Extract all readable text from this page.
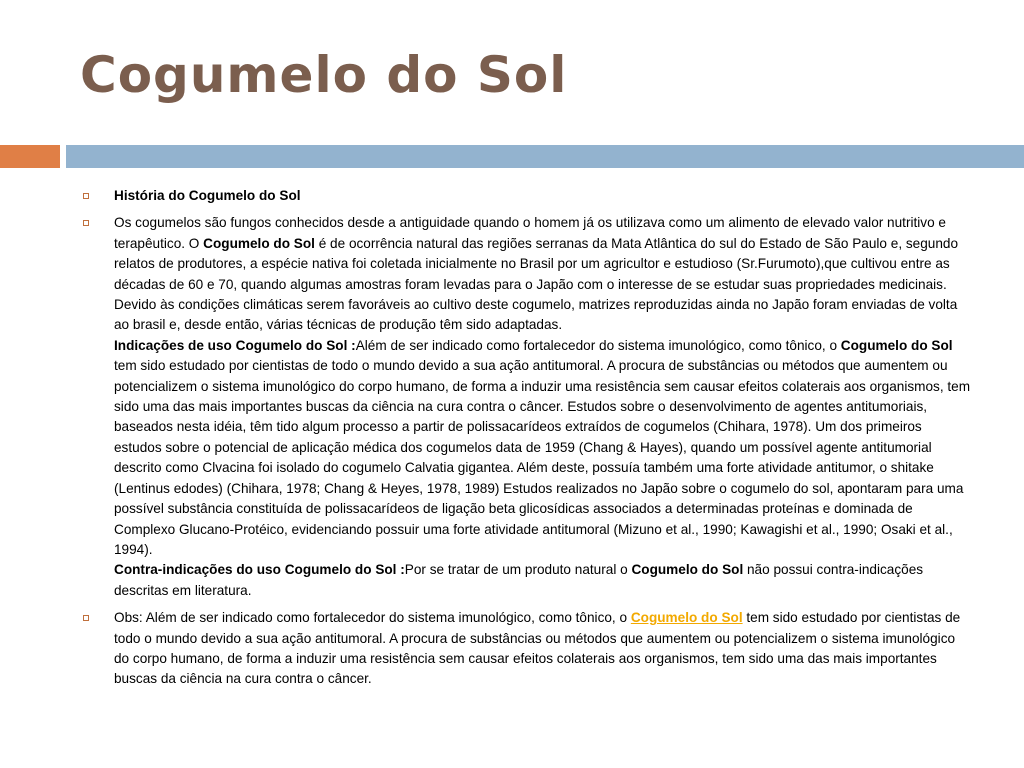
Cogumelo do Sol
História do Cogumelo do Sol
Os cogumelos são fungos conhecidos desde a antiguidade quando o homem já os utilizava como um alimento de elevado valor nutritivo e terapêutico. O Cogumelo do Sol é de ocorrência natural das regiões serranas da Mata Atlântica do sul do Estado de São Paulo e, segundo relatos de produtores, a espécie nativa foi coletada inicialmente no Brasil por um agricultor e estudioso (Sr.Furumoto),que cultivou entre as décadas de 60 e 70, quando algumas amostras foram levadas para o Japão com o interesse de se estudar suas propriedades medicinais. Devido às condições climáticas serem favoráveis ao cultivo deste cogumelo, matrizes reproduzidas ainda no Japão foram enviadas de volta ao brasil e, desde então, várias técnicas de produção têm sido adaptadas.
Indicações de uso Cogumelo do Sol :Além de ser indicado como fortalecedor do sistema imunológico, como tônico, o Cogumelo do Sol tem sido estudado por cientistas de todo o mundo devido a sua ação antitumoral. A procura de substâncias ou métodos que aumentem ou potencializem o sistema imunológico do corpo humano, de forma a induzir uma resistência sem causar efeitos colaterais aos organismos, tem sido uma das mais importantes buscas da ciência na cura contra o câncer. Estudos sobre o desenvolvimento de agentes antitumoriais, baseados nesta idéia, têm tido algum processo a partir de polissacarídeos extraídos de cogumelos (Chihara, 1978). Um dos primeiros estudos sobre o potencial de aplicação médica dos cogumelos data de 1959 (Chang & Hayes), quando um possível agente antitumorial descrito como Clvacina foi isolado do cogumelo Calvatia gigantea. Além deste, possuía também uma forte atividade antitumor, o shitake (Lentinus edodes) (Chihara, 1978; Chang & Heyes, 1978, 1989) Estudos realizados no Japão sobre o cogumelo do sol, apontaram para uma possível substância constituída de polissacarídeos de ligação beta glicosídicas associados a determinadas proteínas e dominada de Complexo Glucano-Protéico, evidenciando possuir uma forte atividade antitumoral (Mizuno et al., 1990; Kawagishi et al., 1990; Osaki et al., 1994).
Contra-indicações do uso Cogumelo do Sol :Por se tratar de um produto natural o Cogumelo do Sol não possui contra-indicações descritas em literatura.
Obs: Além de ser indicado como fortalecedor do sistema imunológico, como tônico, o Cogumelo do Sol tem sido estudado por cientistas de todo o mundo devido a sua ação antitumoral. A procura de substâncias ou métodos que aumentem ou potencializem o sistema imunológico do corpo humano, de forma a induzir uma resistência sem causar efeitos colaterais aos organismos, tem sido uma das mais importantes buscas da ciência na cura contra o câncer.
